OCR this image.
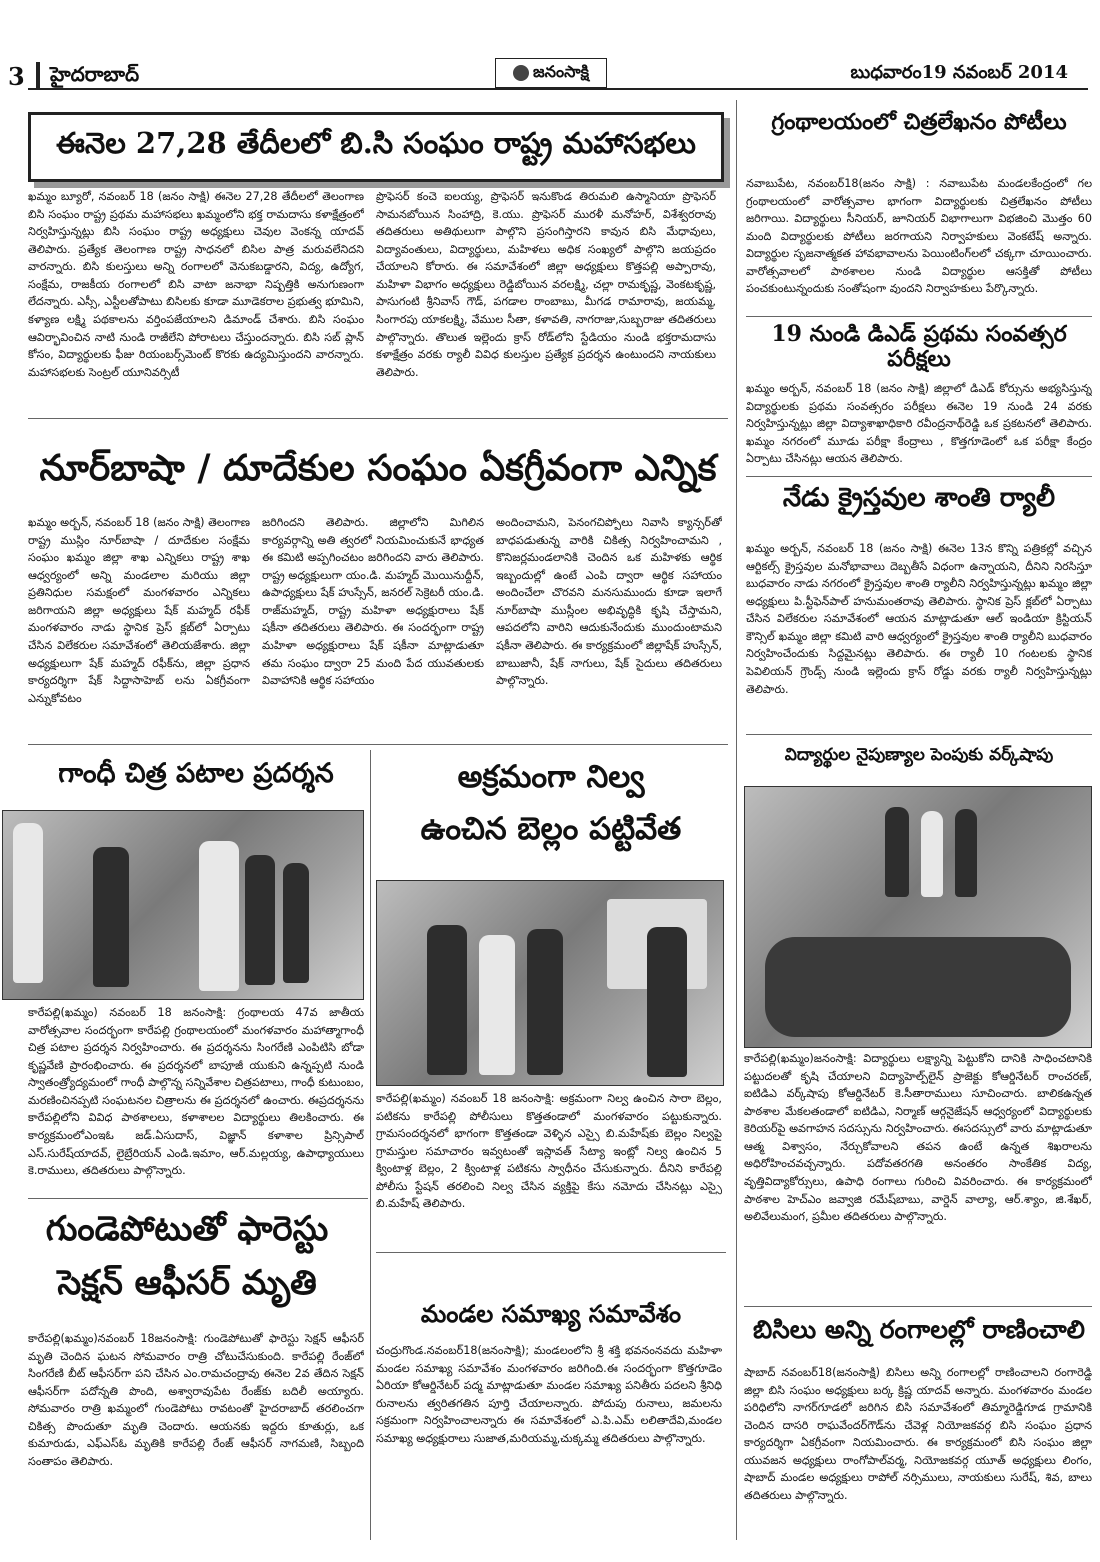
3 హైదరాబాద్	జనంసాక్షి	బుధవారం19 నవంబర్ 2014
ఈనెల 27,28 తేదీలలో బి.సి సంఘం రాష్ట్ర మహాసభలు
ఖమ్మం బ్యూరో, నవంబర్ 18 (జనం సాక్షి) ఈనెల 27,28 తేదీలలో తెలంగాణ బిసి సంఘం రాష్ట్ర ప్రథమ మహాసభలు ఖమ్మంలోని భక్త రామదాసు కళాక్షేత్రంలో నిర్వహిస్తున్నట్లు బిసి సంఘం రాష్ట్ర అధ్యక్షులు చెవుల వెంకన్న యాదవ్ తెలిపారు. ప్రత్యేక తెలంగాణ రాష్ట్ర సాధనలో బిసిల పాత్ర మరువలేనిదని వారన్నారు. బిసి కులస్తులు అన్ని రంగాలలో వెనుకబడ్డారని, విద్య, ఉద్యోగ, సంక్షేమ, రాజకీయ రంగాలలో బిసి వాటా జనాభా నిష్పత్తికి అనుగుణంగా లేదన్నారు. ఎస్సీ, ఎస్టీలతోపాటు బిసిలకు కూడా మూడెకరాల ప్రభుత్వ భూమిని, కళ్యాణ లక్ష్మి పథకాలను వర్తింపజేయాలని డిమాండ్ చేశారు. బిసి సంఘం ఆవిర్భావించిన నాటి నుండి రాజీలేని పోరాటలు చేస్తుందన్నారు. బిసి సబ్ ప్లాన్ కోసం, విద్యార్థులకు ఫీజు రియంబర్స్‌మెంట్ కొరకు ఉద్యమిస్తుందని వారన్నారు. మహాసభలకు సెంట్రల్ యూనివర్సిటీ
ప్రొఫెసర్ కంచె ఐలయ్య, ప్రొఫెసర్ ఇనుకొండ తిరుమలి ఉస్మానియా ప్రొఫెసర్ సామనబోయిన సింహాద్రి, కె.యు. ప్రొఫెసర్ మురళీ మనోహర్, విశేశ్వరరావు తదితరులు అతిథులుగా పాల్గొని ప్రసంగిస్తారని కావున బిసి మేధావులు, విద్యావంతులు, విద్యార్థులు, మహిళలు అధిక సంఖ్యలో పాల్గొని జయప్రదం చేయాలని కోరారు. ఈ సమావేశంలో జిల్లా అధ్యక్షులు కొత్తపల్లి అప్పారావు, మహిళా విభాగం అధ్యక్షులు రెడ్డిబోయిన వరలక్ష్మి, చల్లా రామకృష్ణ, వెంకటకృష్ణ, పాసుగంటి శ్రీనివాస్ గౌడ్, పగడాల రాంబాబు, మీగడ రామారావు, జయమ్మ, సింగారపు యాకలక్ష్మి, వేముల సీతా, కళావతి, నాగరాజు,సుబ్బరాజు తదితరులు పాల్గొన్నారు. తొలుత ఇల్లెందు క్రాస్ రోడ్‌లోని స్టేడియం నుండి భక్తరామదాసు కళాక్షేత్రం వరకు ర్యాలీ వివిధ కులస్తుల ప్రత్యేక ప్రదర్శన ఉంటుందని నాయకులు తెలిపారు.
గ్రంథాలయంలో చిత్రలేఖనం పోటీలు
నవాబుపేట, నవంబర్18(జనం సాక్షి) : నవాబుపేట మండలకేంద్రంలో గల గ్రంథాలయంలో వారోత్సవాల భాగంగా విద్యార్థులకు చిత్రలేఖనం పోటీలు జరిగాయి. విద్యార్థులు సీనియర్, జూనియర్ విభాగాలుగా విభజించి మొత్తం 60 మంది విద్యార్థులకు పోటీలు జరగాయని నిర్వాహకులు వెంకటేష్ అన్నారు. విద్యార్థుల సృజనాత్మకత హావభావాలను పెయింటింగ్‌లలో చక్కగా చూయించారు. వారోత్సవాలలో పాఠశాలల నుండి విద్యార్థుల ఆసక్తితో పోటీలు పంచకుంటున్నందుకు సంతోషంగా వుందని నిర్వాహకులు పేర్కొన్నారు.
19 నుండి డిఎడ్ ప్రథమ సంవత్సర పరీక్షలు
ఖమ్మం అర్బన్, నవంబర్ 18 (జనం సాక్షి) జిల్లాలో డిఎడ్ కోర్సును అభ్యసిస్తున్న విద్యార్థులకు ప్రథమ సంవత్సరం పరీక్షలు ఈనెల 19 నుండి 24 వరకు నిర్వహిస్తున్నట్లు జిల్లా విద్యాశాఖాధికారి రవీంద్రనాథ్‌రెడ్డి ఒక ప్రకటనలో తెలిపారు. ఖమ్మం నగరంలో మూడు పరీక్షా కేంద్రాలు , కొత్తగూడెంలో ఒక పరీక్షా కేంద్రం ఏర్పాటు చేసినట్లు ఆయన తెలిపారు.
నూర్‌బాషా / దూదేకుల సంఘం ఏకగ్రీవంగా ఎన్నిక
ఖమ్మం అర్బన్, నవంబర్ 18 (జనం సాక్షి) తెలంగాణ రాష్ట్ర ముస్లిం నూర్‌బాషా / దూదేకుల సంక్షేమ సంఘం ఖమ్మం జిల్లా శాఖ ఎన్నికలు రాష్ట్ర శాఖ ఆధ్వర్యంలో అన్ని మండలాల మరియు జిల్లా ప్రతినిధుల సమక్షంలో మంగళవారం ఎన్నికలు జరిగాయని జిల్లా అధ్యక్షులు షేక్ మహ్మద్ రఫీక్ మంగళవారం నాడు స్థానిక ప్రెస్ క్లబ్‌లో ఏర్పాటు చేసిన విలేకరుల సమావేశంలో తెలియజేశారు. జిల్లా అధ్యక్షులుగా షేక్ మహ్మద్ రఫీక్‌ను, జిల్లా ప్రధాన కార్యదర్శిగా షేక్ సిద్దాసాహెబ్ లను ఏకగ్రీవంగా ఎన్నుకోవటం
జరిగిందని తెలిపారు. జిల్లాలోని మిగిలిన కార్యవర్గాన్ని అతి త్వరలో నియమించుకునే భాధ్యత ఈ కమిటి అప్పగించటం జరిగిందని వారు తెలిపారు. రాష్ట్ర అధ్యక్షులుగా యం.డి. మహ్మద్ మొయినుద్దీన్, ఉపాధ్యక్షులు షేక్ హుస్సేన్, జనరల్ సెక్రెటరీ యం.డి. రాజ్‌మహ్మద్, రాష్ట్ర మహిళా అధ్యక్షురాలు షేక్ షకీనా తదితరులు తెలిపారు. ఈ సందర్భంగా రాష్ట్ర మహిళా అధ్యక్షురాలు షేక్ షకీనా మాట్లాడుతూ తమ సంఘం ద్వారా 25 మంది పేద యువతులకు వివాహానికి ఆర్థిక సహాయం
అందించామని, పెనంగచిప్పోలు నివాసి క్యాన్సర్‌తో బాధపడుతున్న వారికి చికిత్స నిర్వహించామని , కొనిజర్లమండలానికి చెందిన ఒక మహిళకు ఆర్థిక ఇబ్బందుల్లో ఉంటే ఎంపి ద్వారా ఆర్థిక సహాయం అందించేలా చొరవని మనసుముందు కూడా ఇలాగే నూర్‌బాషా ముస్లీంల అభివృద్ధికి కృషి చేస్తామని, ఆపదలోని వారిని ఆదుకునేందుకు ముందుంటామని షకీనా తెలిపారు. ఈ కార్యక్రమంలో జిల్లాషేక్ హుస్సేన్, బాబుజానీ, షేక్ నాగులు, షేక్ సైదులు తదితరులు పాల్గొన్నారు.
నేడు క్రైస్తవుల శాంతి ర్యాలీ
ఖమ్మం అర్బన్, నవంబర్ 18 (జనం సాక్షి) ఈనెల 13న కొన్ని పత్రికల్లో వచ్చిన ఆర్టికల్స్ క్రైస్తవుల మనోభావాలు దెబ్బతీసే విధంగా ఉన్నాయని, దీనిని నిరసిస్తూ బుధవారం నాడు నగరంలో క్రైస్తవుల శాంతి ర్యాలీని నిర్వహిస్తున్నట్లు ఖమ్మం జిల్లా అధ్యక్షులు పి.స్టీఫెన్‌పాల్ హనుమంతరావు తెలిపారు. స్థానిక ప్రెస్ క్లబ్‌లో ఏర్పాటు చేసిన విలేకరుల సమావేశంలో ఆయన మాట్లాడుతూ ఆల్ ఇండియా క్రిస్టియన్ కౌన్సిల్ ఖమ్మం జిల్లా కమిటి వారి ఆధ్వర్యంలో క్రైస్తవుల శాంతి ర్యాలీని బుధవారం నిర్వహించేందుకు సిద్దమైనట్లు తెలిపారు. ఈ ర్యాలీ 10 గంటలకు స్థానిక పెవిలియన్ గ్రౌండ్స్ నుండి ఇల్లెందు క్రాస్ రోడ్డు వరకు ర్యాలీ నిర్వహిస్తున్నట్లు తెలిపారు.
గాంధీ చిత్ర పటాల ప్రదర్శన
కారేపల్లి(ఖమ్మం) నవంబర్ 18 జనంసాక్షి: గ్రంథాలయ 47వ జాతీయ వారోత్సవాల సందర్భంగా కారేపల్లి గ్రంథాలయంలో మంగళవారం మహాత్మాగాంధీ చిత్ర పటాల ప్రదర్శన నిర్వహించారు. ఈ ప్రదర్శనను సింగరేణి ఎంపిటిసి బోడా కృష్ణవేణి ప్రారంభించారు. ఈ ప్రదర్శనలో బాపూజీ యుకుని ఉన్నప్పటి నుండి స్వాతంత్ర్యోద్యమంలో గాంధీ పాల్గొన్న సన్నివేశాల చిత్రపటాలు, గాంధీ కుటుంబం, మరణించినప్పటి సంఘటనల చిత్రాలను ఈ ప్రదర్శనలో ఉంచారు. ఈప్రదర్శనను కారేపల్లిలోని వివిధ పాఠశాలలు, కళాశాలల విద్యార్థులు తిలకించారు. ఈ కార్యక్రమంలోఎంఇఓ జడ్.ఏసుదాస్, విజ్ఞాన్ కళాశాల ప్రిన్సిపాల్ ఎస్.సురేష్‌యాదవ్, లైబ్రేరియన్ ఎండి.ఇమాం, ఆర్.మల్లయ్య, ఉపాధ్యాయులు కె.రాములు, తదితరులు పాల్గొన్నారు.
అక్రమంగా నిల్వ
ఉంచిన బెల్లం పట్టివేత
కారేపల్లి(ఖమ్మం) నవంబర్ 18 జనంసాక్షి: అక్రమంగా నిల్వ ఉంచిన సారా బెల్లం, పటికను కారేపల్లి పోలీసులు కొత్తతండాలో మంగళవారం పట్టుకున్నారు. గ్రామసందర్శనలో భాగంగా కొత్తతండా వెళ్ళిన ఎస్సై బి.మహేష్‌కు బెల్లం నిల్వపై గ్రామస్తుల సమాచారం ఇవ్వటంతో ఇస్లావత్ సేట్యా ఇంట్లో నిల్వ ఉంచిన 5 క్వింటాళ్ల బెల్లం, 2 క్వింటాళ్ల పటికను స్వాధీనం చేసుకున్నారు. దీనిని కారేపల్లి పోలీసు స్టేషన్ తరలించి నిల్వ చేసిన వ్యక్తిపై కేసు నమోదు చేసినట్లు ఎస్సై బి.మహేష్ తెలిపారు.
విద్యార్థుల నైపుణ్యాల పెంపుకు వర్క్‌షాపు
కారేపల్లి(ఖమ్మం)జనంసాక్షి: విద్యార్థులు లక్ష్యాన్ని పెట్టుకోని దానికి సాధించటానికి పట్టుదలతో కృషి చేయాలని విద్యాహెల్ప్‌లైన్ ప్రాజెక్టు కోఆర్డినేటర్ రాంచరణ్, ఐటిడిఎ వర్క్‌షాపు కోఆర్డినేటర్ కె.సీతారాములు సూచించారు. బాలికఉన్నత పాఠశాల మేకలతండాలో ఐటిడిఎ, నిర్మాణ్ ఆర్గనైజేషన్ ఆధ్వర్యంలో విద్యార్థులకు కెరియర్‌పై అవగాహన సదస్సును నిర్వహించారు. ఈసదస్సులో వారు మాట్లాడుతూ ఆత్మ విశ్వాసం, నేర్చుకోవాలని తపన ఉంటే ఉన్నత శిఖరాలను అధిరోహించవచ్చన్నారు. పదోవతరగతి అనంతరం సాంకేతిక విద్య, వృత్తివిద్యాకోర్సులు, ఉపాధి రంగాలు గురించి వివరించారు. ఈ కార్యక్రమంలో పాఠశాల హెచ్‌ఎం జవ్వాజి రమేష్‌బాబు, వార్డెన్ వాల్యా, ఆర్.శ్యాం, జి.శేఖర్, అలివేలుమంగ, ప్రమీల తదితరులు పాల్గొన్నారు.
గుండెపోటుతో ఫారెస్టు
సెక్షన్ ఆఫీసర్ మృతి
కారేపల్లి(ఖమ్మం)నవంబర్ 18జనంసాక్షి: గుండెపోటుతో ఫారెస్టు సెక్షన్ ఆఫీసర్ మృతి చెందిన ఘటన సోమవారం రాత్రి చోటుచేసుకుంది. కారేపల్లి రేంజ్‌లో సింగరేణి బీట్ ఆఫీసర్‌గా పని చేసిన ఎం.రామచంద్రావు ఈనెల 2వ తేదిన సెక్షన్ ఆఫీసర్‌గా పదోన్నతి పొంది, అశ్వారావుపేట రేంజ్‌కు బదిలీ అయ్యారు. సోమవారం రాత్రి ఖమ్మంలో గుండెపోటు రావటంతో హైదరాబాద్ తరలించగా చికిత్స పొందుతూ మృతి చెందారు. ఆయనకు ఇద్దరు కూతుర్లు, ఒక కుమారుడు, ఎఫ్‌ఎస్‌ఓ మృతికి కారేపల్లి రేంజ్ ఆఫీసర్ నాగమణి, సిబ్బంది సంతాపం తెలిపారు.
మండల సమాఖ్య సమావేశం
చంద్రుగొండ.నవంబర్18(జనంసాక్షి); మండలంలోని శ్రీ శక్తి భవనంనవదు మహిళా మండల సమాఖ్య సమావేశం మంగళవారం జరిగింది.ఈ సందర్భంగా కొత్తగూడెం ఏరియా కోఆర్డినేటర్ పద్మ మాట్లాడుతూ మండల సమాఖ్య పనితీరు పదలని శ్రీనిధి రునాలను త్వరితగతిన పూర్తి చేయాలన్నారు. పోదుపు రునాలు, జమలను సక్రమంగా నిర్వహించాలన్నారు ఈ సమావేశంలో ఎ.పి.ఎమ్ లలితాదేవి,మండల సమాఖ్య అధ్యక్షురాలు సుజాత,మరియమ్మ,చుక్కమ్మ తదితరులు పాల్గొన్నారు.
బిసిలు అన్ని రంగాలల్లో రాణించాలి
షాబాద్ నవంబర్18(జనంసాక్షి) బిసిలు అన్ని రంగాలల్లో రాణించాలని రంగారెడ్డి జిల్లా బిసి సంఘం అధ్యక్షులు బర్క క్రిష్ణ యాదవ్ అన్నారు. మంగళవారం మండల పరిధిలోని నాగర్‌గూడలో జరిగిన బిసి సమావేశంలో తిమ్మారెడ్డిగూడ గ్రామానికి చెందిన దాసరి రాఘవేందర్‌గౌడ్‌ను చేవెళ్ల నియోజకవర్గ బిసి సంఘం ప్రధాన కార్యదర్శిగా ఏకగ్రీవంగా నియమించారు. ఈ కార్యక్రమంలో బిసి సంఘం జిల్లా యువజన అధ్యక్షులు రాంగోపాల్‌వర్మ, నియోజకవర్గ యూత్ అధ్యక్షులు లింగం, షాబాద్ మండల అధ్యక్షులు రాపోల్ నర్సిములు, నాయకులు సురేష్, శివ, బాలు తదితరులు పాల్గొన్నారు.
